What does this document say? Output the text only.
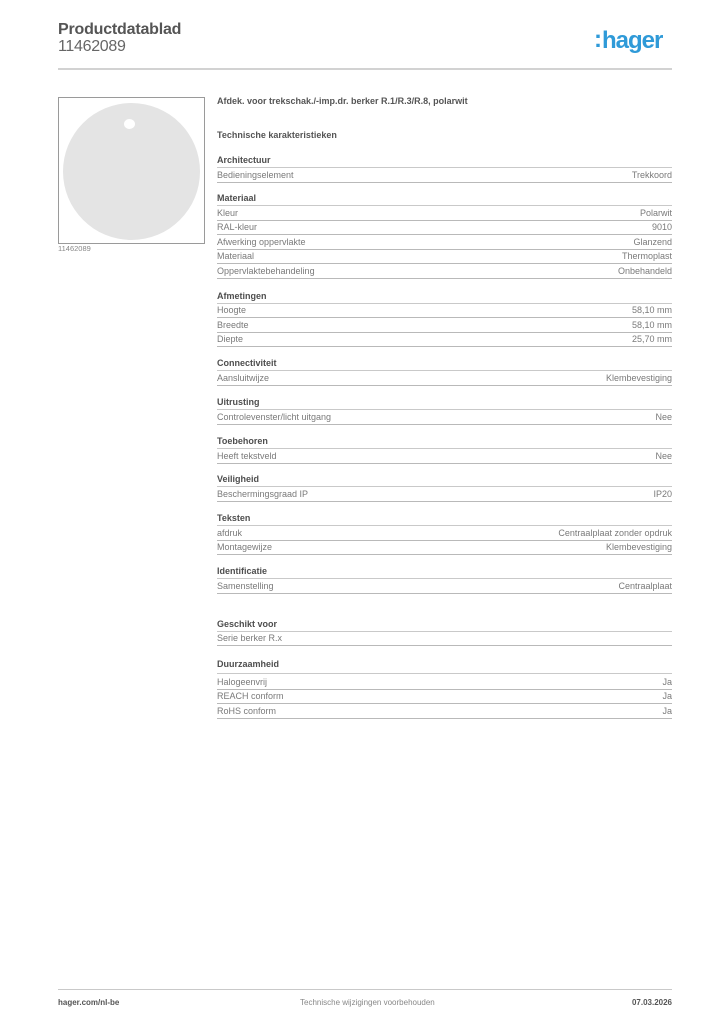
Productdatablad
11462089	:hager
11462089
Afdek. voor trekschak./-imp.dr. berker R.1/R.3/R.8, polarwit
Technische karakteristieken
Architectuur
Bedieningselement	Trekkoord
Materiaal
Kleur	Polarwit
RAL-kleur	9010
Afwerking oppervlakte	Glanzend
Materiaal	Thermoplast
Oppervlaktebehandeling	Onbehandeld
Afmetingen
Hoogte	58,10 mm
Breedte	58,10 mm
Diepte	25,70 mm
Connectiviteit
Aansluitwijze	Klembevestiging
Uitrusting
Controlevenster/licht uitgang	Nee
Toebehoren
Heeft tekstveld	Nee
Veiligheid
Beschermingsgraad IP	IP20
Teksten
afdruk	Centraalplaat zonder opdruk
Montagewijze	Klembevestiging
Identificatie
Samenstelling	Centraalplaat
Geschikt voor
Serie berker R.x
Duurzaamheid
Halogeenvrij	Ja
REACH conform	Ja
RoHS conform	Ja
hager.com/nl-be	Technische wijzigingen voorbehouden	07.03.2026
